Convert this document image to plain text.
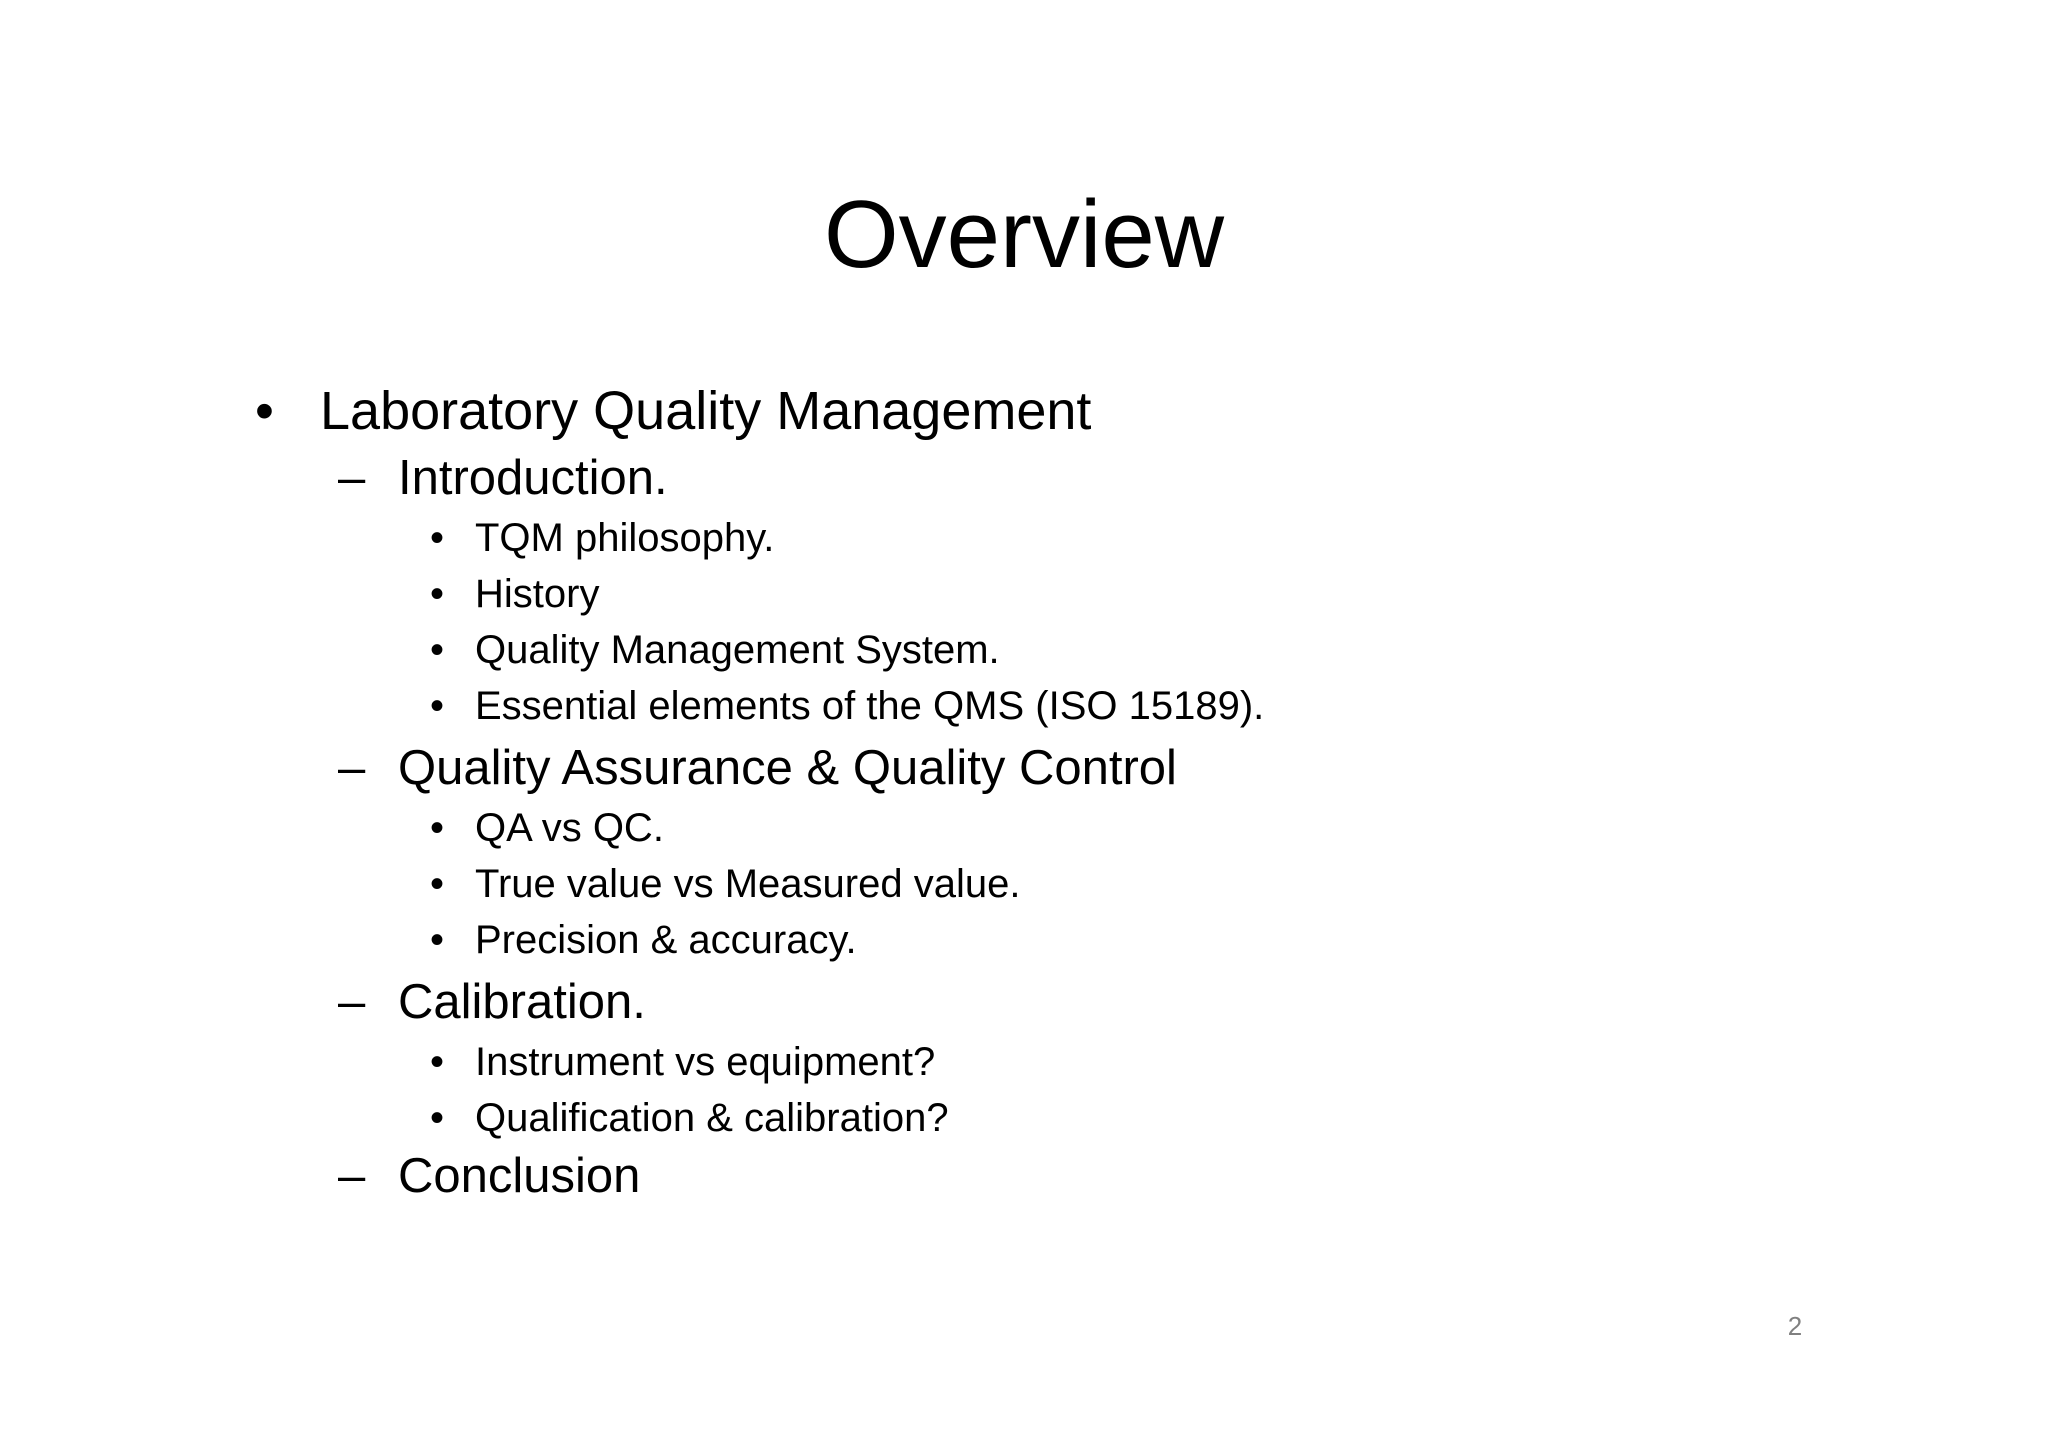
Overview
• Laboratory Quality Management
– Introduction.
• TQM philosophy.
• History
• Quality Management System.
• Essential elements of the QMS (ISO 15189).
– Quality Assurance & Quality Control
• QA vs QC.
• True value vs Measured value.
• Precision & accuracy.
– Calibration.
• Instrument vs equipment?
• Qualification & calibration?
– Conclusion
2
